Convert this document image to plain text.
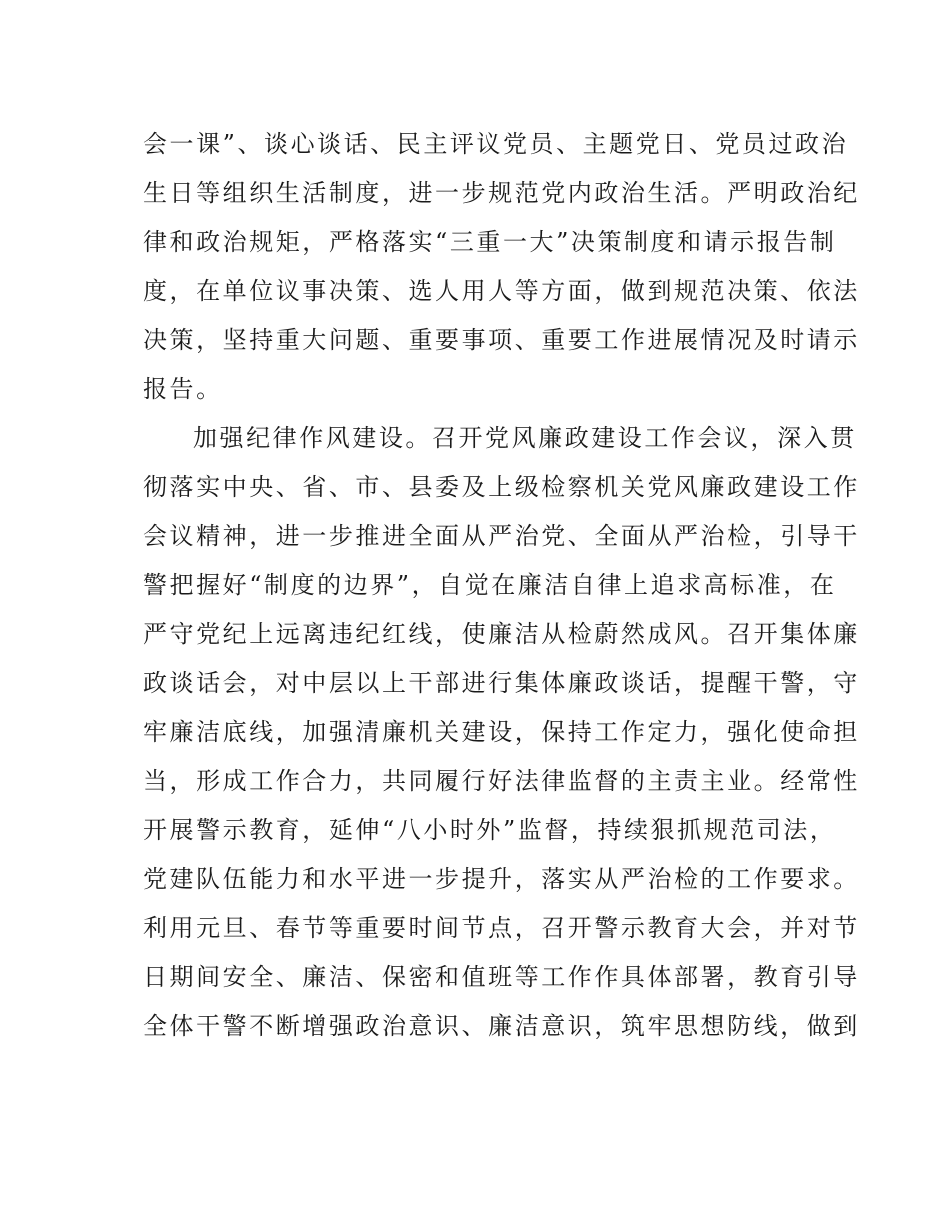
会一课”、谈心谈话、民主评议党员、主题党日、党员过政治
生日等组织生活制度，进一步规范党内政治生活。严明政治纪
律和政治规矩，严格落实“三重一大”决策制度和请示报告制
度，在单位议事决策、选人用人等方面，做到规范决策、依法
决策，坚持重大问题、重要事项、重要工作进展情况及时请示
报告。
加强纪律作风建设。召开党风廉政建设工作会议，深入贯
彻落实中央、省、市、县委及上级检察机关党风廉政建设工作
会议精神，进一步推进全面从严治党、全面从严治检，引导干
警把握好“制度的边界”，自觉在廉洁自律上追求高标准，在
严守党纪上远离违纪红线，使廉洁从检蔚然成风。召开集体廉
政谈话会，对中层以上干部进行集体廉政谈话，提醒干警，守
牢廉洁底线，加强清廉机关建设，保持工作定力，强化使命担
当，形成工作合力，共同履行好法律监督的主责主业。经常性
开展警示教育，延伸“八小时外”监督，持续狠抓规范司法，
党建队伍能力和水平进一步提升，落实从严治检的工作要求。
利用元旦、春节等重要时间节点，召开警示教育大会，并对节
日期间安全、廉洁、保密和值班等工作作具体部署，教育引导
全体干警不断增强政治意识、廉洁意识，筑牢思想防线，做到
